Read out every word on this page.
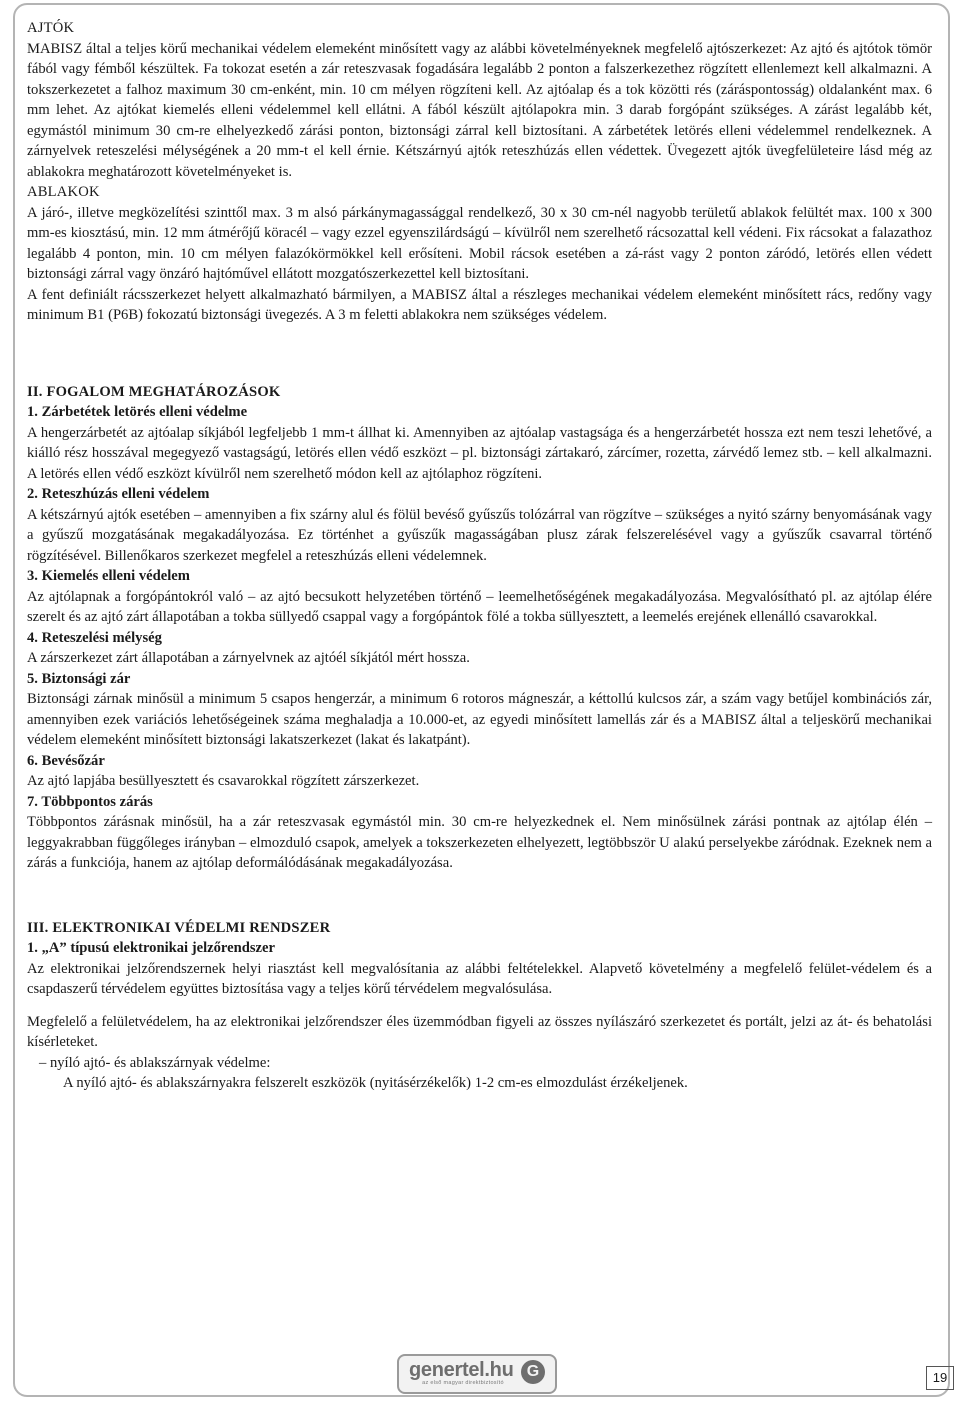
AJTÓK

MABISZ által a teljes körű mechanikai védelem elemeként minősített vagy az alábbi követelményeknek megfelelő ajtószerkezet: Az ajtó és ajtótok tömör fából vagy fémből készültek. Fa tokozat esetén a zár reteszvasak fogadására legalább 2 ponton a falszerkezethez rögzített ellenlemezt kell alkalmazni. A tokszerkezetet a falhoz maximum 30 cm-enként, min. 10 cm mélyen rögzíteni kell. Az ajtóalap és a tok közötti rés (záráspontosság) oldalanként max. 6 mm lehet. Az ajtókat kiemelés elleni védelemmel kell ellátni. A fából készült ajtólapokra min. 3 darab forgópánt szükséges. A zárást legalább két, egymástól minimum 30 cm-re elhelyezkedő zárási ponton, biztonsági zárral kell biztosítani. A zárbetétek letörés elleni védelemmel rendelkeznek. A zárnyelvek reteszelési mélységének a 20 mm-t el kell érnie. Kétszárnyú ajtók reteszhúzás ellen védettek. Üvegezett ajtók üvegfelületeire lásd még az ablakokra meghatározott követelményeket is.

ABLAKOK

A járó-, illetve megközelítési szinttől max. 3 m alsó párkánymagassággal rendelkező, 30 x 30 cm-nél nagyobb területű ablakok felültét max. 100 x 300 mm-es kiosztású, min. 12 mm átmérőjű köracél – vagy ezzel egyenszilárdságú – kívülről nem szerelhető rácsozattal kell védeni. Fix rácsokat a falazathoz legalább 4 ponton, min. 10 cm mélyen falazókörmökkel kell erősíteni. Mobil rácsok esetében a zá-rást vagy 2 ponton záródó, letörés ellen védett biztonsági zárral vagy önzáró hajtóművel ellátott mozgatószerkezettel kell biztosítani.

A fent definiált rácsszerkezet helyett alkalmazható bármilyen, a MABISZ által a részleges mechanikai védelem elemeként minősített rács, redőny vagy minimum B1 (P6B) fokozatú biztonsági üvegezés. A 3 m feletti ablakokra nem szükséges védelem.

II. FOGALOM MEGHATÁROZÁSOK

1. Zárbetétek letörés elleni védelme

A hengerzárbetét az ajtóalap síkjából legfeljebb 1 mm-t állhat ki. Amennyiben az ajtóalap vastagsága és a hengerzárbetét hossza ezt nem teszi lehetővé, a kiálló rész hosszával megegyező vastagságú, letörés ellen védő eszközt – pl. biztonsági zártakaró, zárcímer, rozetta, zárvédő lemez stb. – kell alkalmazni. A letörés ellen védő eszközt kívülről nem szerelhető módon kell az ajtólaphoz rögzíteni.

2. Reteszhúzás elleni védelem

A kétszárnyú ajtók esetében – amennyiben a fix szárny alul és fölül bevéső gyűszűs tolózárral van rögzítve – szükséges a nyitó szárny benyomásának vagy a gyűszű mozgatásának megakadályozása. Ez történhet a gyűszűk magasságában plusz zárak felszerelésével vagy a gyűszűk csavarral történő rögzítésével. Billenőkaros szerkezet megfelel a reteszhúzás elleni védelemnek.

3. Kiemelés elleni védelem

Az ajtólapnak a forgópántokról való – az ajtó becsukott helyzetében történő – leemelhetőségének megakadályozása. Megvalósítható pl. az ajtólap élére szerelt és az ajtó zárt állapotában a tokba süllyedő csappal vagy a forgópántok fölé a tokba süllyesztett, a leemelés erejének ellenálló csavarokkal.

4. Reteszelési mélység

A zárszerkezet zárt állapotában a zárnyelvnek az ajtóél síkjától mért hossza.

5. Biztonsági zár

Biztonsági zárnak minősül a minimum 5 csapos hengerzár, a minimum 6 rotoros mágneszár, a kéttollú kulcsos zár, a szám vagy betűjel kombinációs zár, amennyiben ezek variációs lehetőségeinek száma meghaladja a 10.000-et, az egyedi minősített lamellás zár és a MABISZ által a teljeskörű mechanikai védelem elemeként minősített biztonsági lakatszerkezet (lakat és lakatpánt).

6. Bevésőzár

Az ajtó lapjába besüllyesztett és csavarokkal rögzített zárszerkezet.

7. Többpontos zárás

Többpontos zárásnak minősül, ha a zár reteszvasak egymástól min. 30 cm-re helyezkednek el. Nem minősülnek zárási pontnak az ajtólap élén – leggyakrabban függőleges irányban – elmozduló csapok, amelyek a tokszerkezeten elhelyezett, legtöbbször U alakú perselyekbe záródnak. Ezeknek nem a zárás a funkciója, hanem az ajtólap deformálódásának megakadályozása.

III. ELEKTRONIKAI VÉDELMI RENDSZER

1. „A” típusú elektronikai jelzőrendszer

Az elektronikai jelzőrendszernek helyi riasztást kell megvalósítania az alábbi feltételekkel. Alapvető követelmény a megfelelő felület-védelem és a csapdaszerű térvédelem együttes biztosítása vagy a teljes körű térvédelem megvalósulása.

Megfelelő a felületvédelem, ha az elektronikai jelzőrendszer éles üzemmódban figyeli az összes nyílászáró szerkezetet és portált, jelzi az át- és behatolási kísérleteket.

– nyíló ajtó- és ablakszárnyak védelme:

A nyíló ajtó- és ablakszárnyakra felszerelt eszközök (nyitásérzékelők) 1-2 cm-es elmozdulást érzékeljenek.

genertel.hu
az első magyar direktbiztosító
G	19
